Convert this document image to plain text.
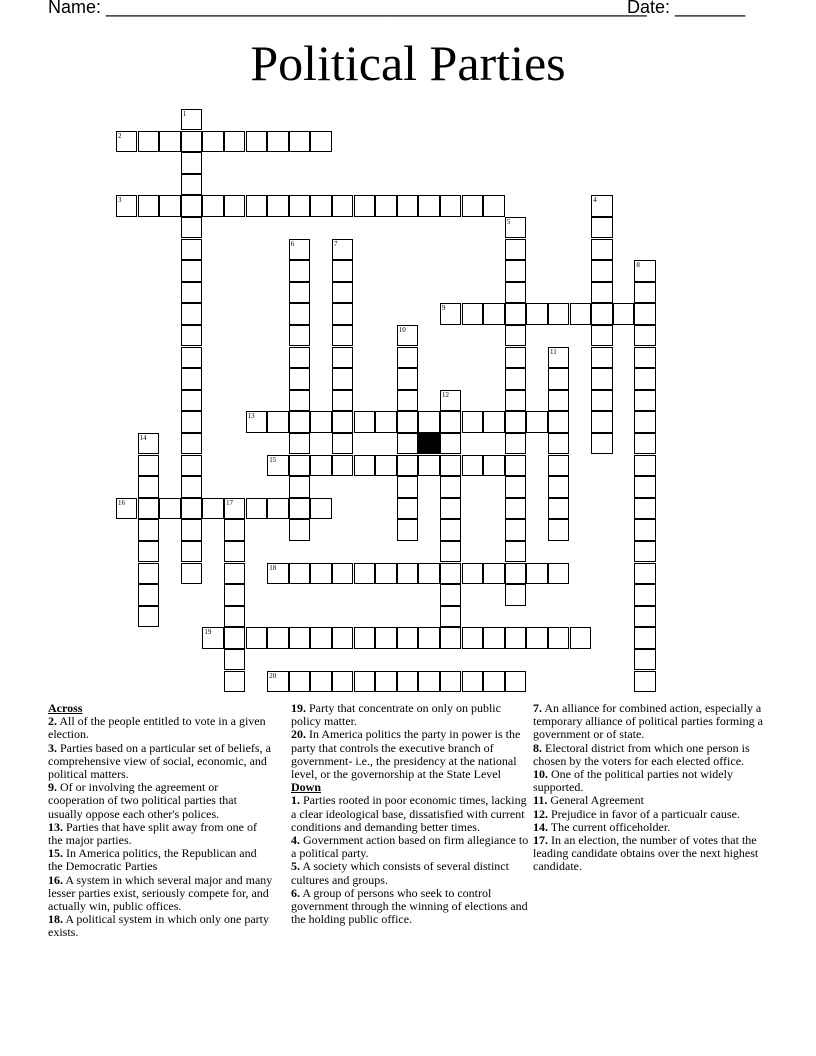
Name: ______________________________________________________
Date: _______
Political Parties
2
3
9
13
15
16	17
18
19
20
1
4
5
6	7
8
10
11
12
14
Across
2. All of the people entitled to vote in a given election.
3. Parties based on a particular set of beliefs, a comprehensive view of social, economic, and political matters.
9. Of or involving the agreement or cooperation of two political parties that usually oppose each other's polices.
13. Parties that have split away from one of the major parties.
15. In America politics, the Republican and the Democratic Parties
16. A system in which several major and many lesser parties exist, seriously compete for, and actually win, public offices.
18. A political system in which only one party exists.
19. Party that concentrate on only on public policy matter.
20. In America politics the party in power is the party that controls the executive branch of government- i.e., the presidency at the national level, or the governorship at the State Level
Down
1. Parties rooted in poor economic times, lacking a clear ideological base, dissatisfied with current conditions and demanding better times.
4. Government action based on firm allegiance to a political party.
5. A society which consists of several distinct cultures and groups.
6. A group of persons who seek to control government through the winning of elections and the holding public office.
7. An alliance for combined action, especially a temporary alliance of political parties forming a government or of state.
8. Electoral district from which one person is chosen by the voters for each elected office.
10. One of the political parties not widely supported.
11. General Agreement
12. Prejudice in favor of a particualr cause.
14. The current officeholder.
17. In an election, the number of votes that the leading candidate obtains over the next highest candidate.
